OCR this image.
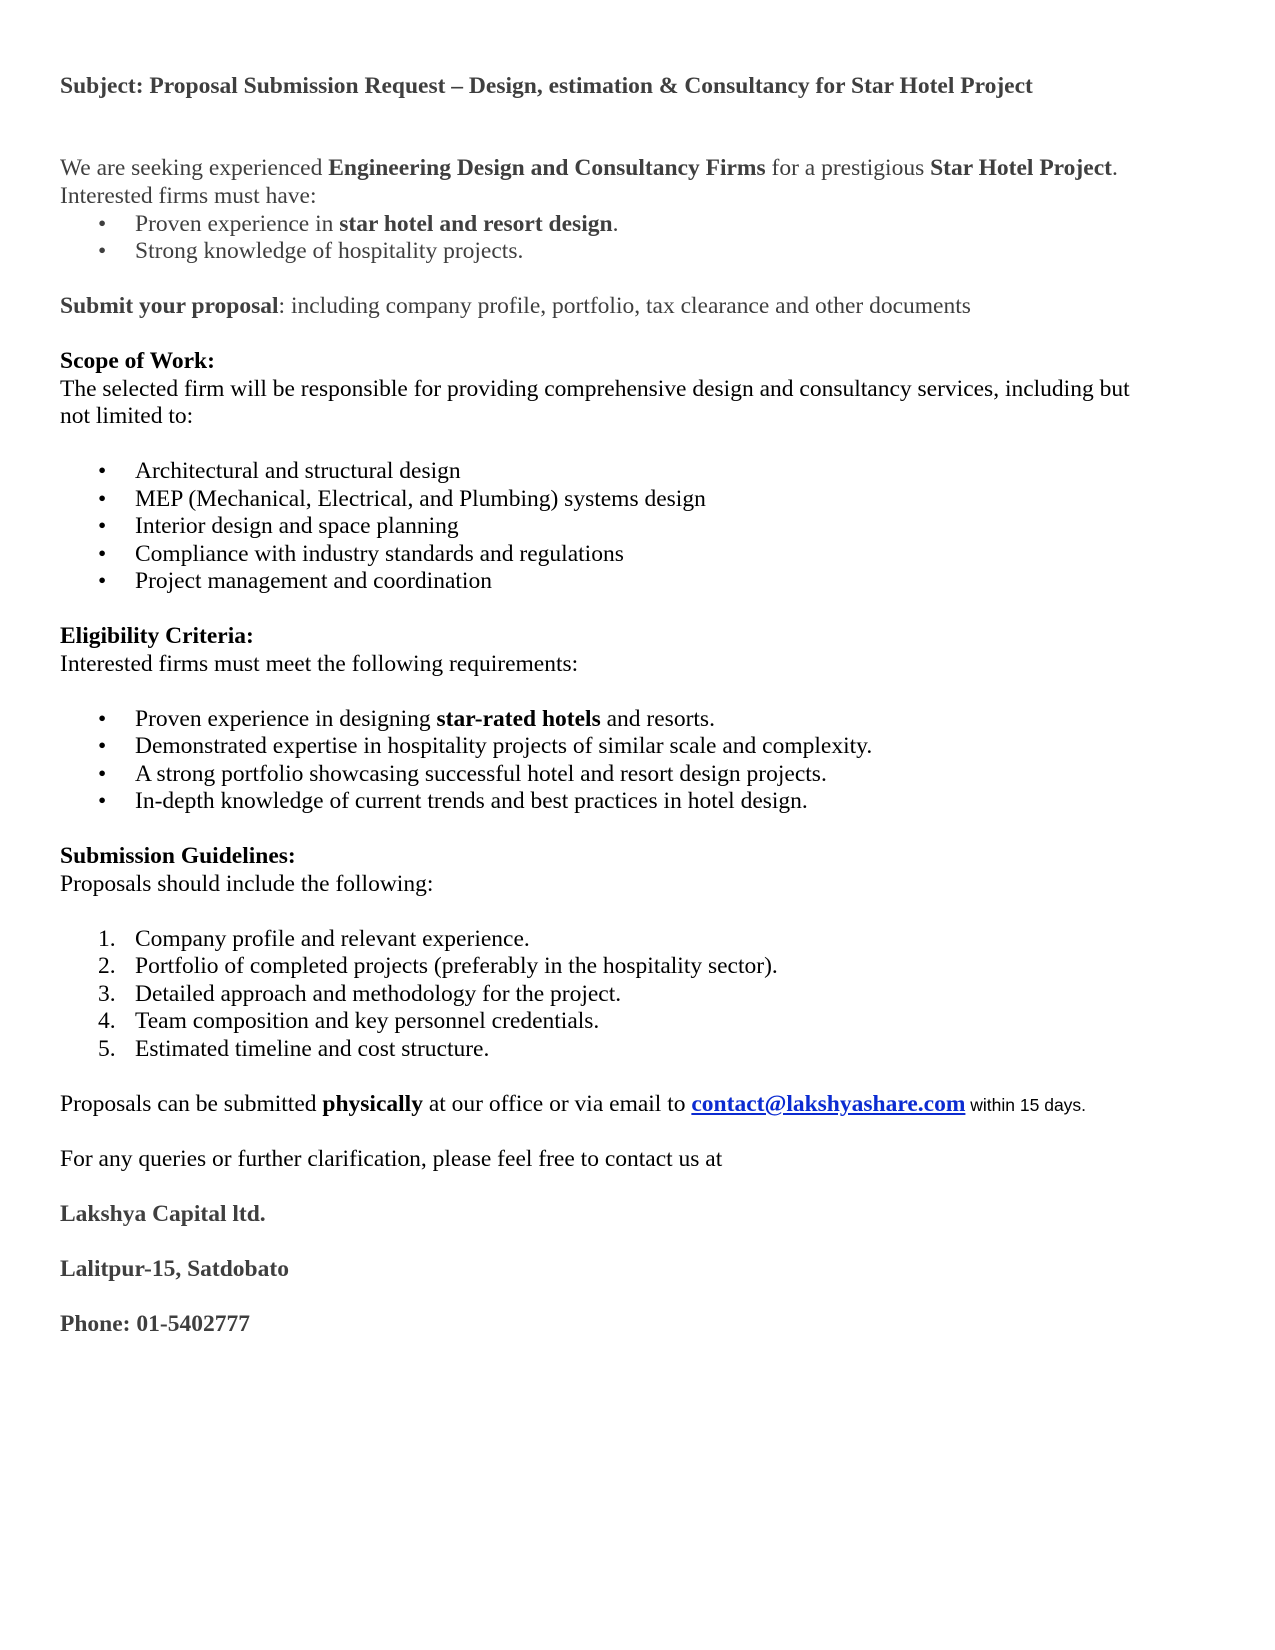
Subject: Proposal Submission Request – Design, estimation & Consultancy for Star Hotel Project
We are seeking experienced Engineering Design and Consultancy Firms for a prestigious Star Hotel Project.
Interested firms must have:
• Proven experience in star hotel and resort design.
• Strong knowledge of hospitality projects.
Submit your proposal: including company profile, portfolio, tax clearance and other documents
Scope of Work:
The selected firm will be responsible for providing comprehensive design and consultancy services, including but
not limited to:
• Architectural and structural design
• MEP (Mechanical, Electrical, and Plumbing) systems design
• Interior design and space planning
• Compliance with industry standards and regulations
• Project management and coordination
Eligibility Criteria:
Interested firms must meet the following requirements:
• Proven experience in designing star-rated hotels and resorts.
• Demonstrated expertise in hospitality projects of similar scale and complexity.
• A strong portfolio showcasing successful hotel and resort design projects.
• In-depth knowledge of current trends and best practices in hotel design.
Submission Guidelines:
Proposals should include the following:
1. Company profile and relevant experience.
2. Portfolio of completed projects (preferably in the hospitality sector).
3. Detailed approach and methodology for the project.
4. Team composition and key personnel credentials.
5. Estimated timeline and cost structure.
Proposals can be submitted physically at our office or via email to contact@lakshyashare.com within 15 days.
For any queries or further clarification, please feel free to contact us at
Lakshya Capital ltd.
Lalitpur-15, Satdobato
Phone: 01-5402777
